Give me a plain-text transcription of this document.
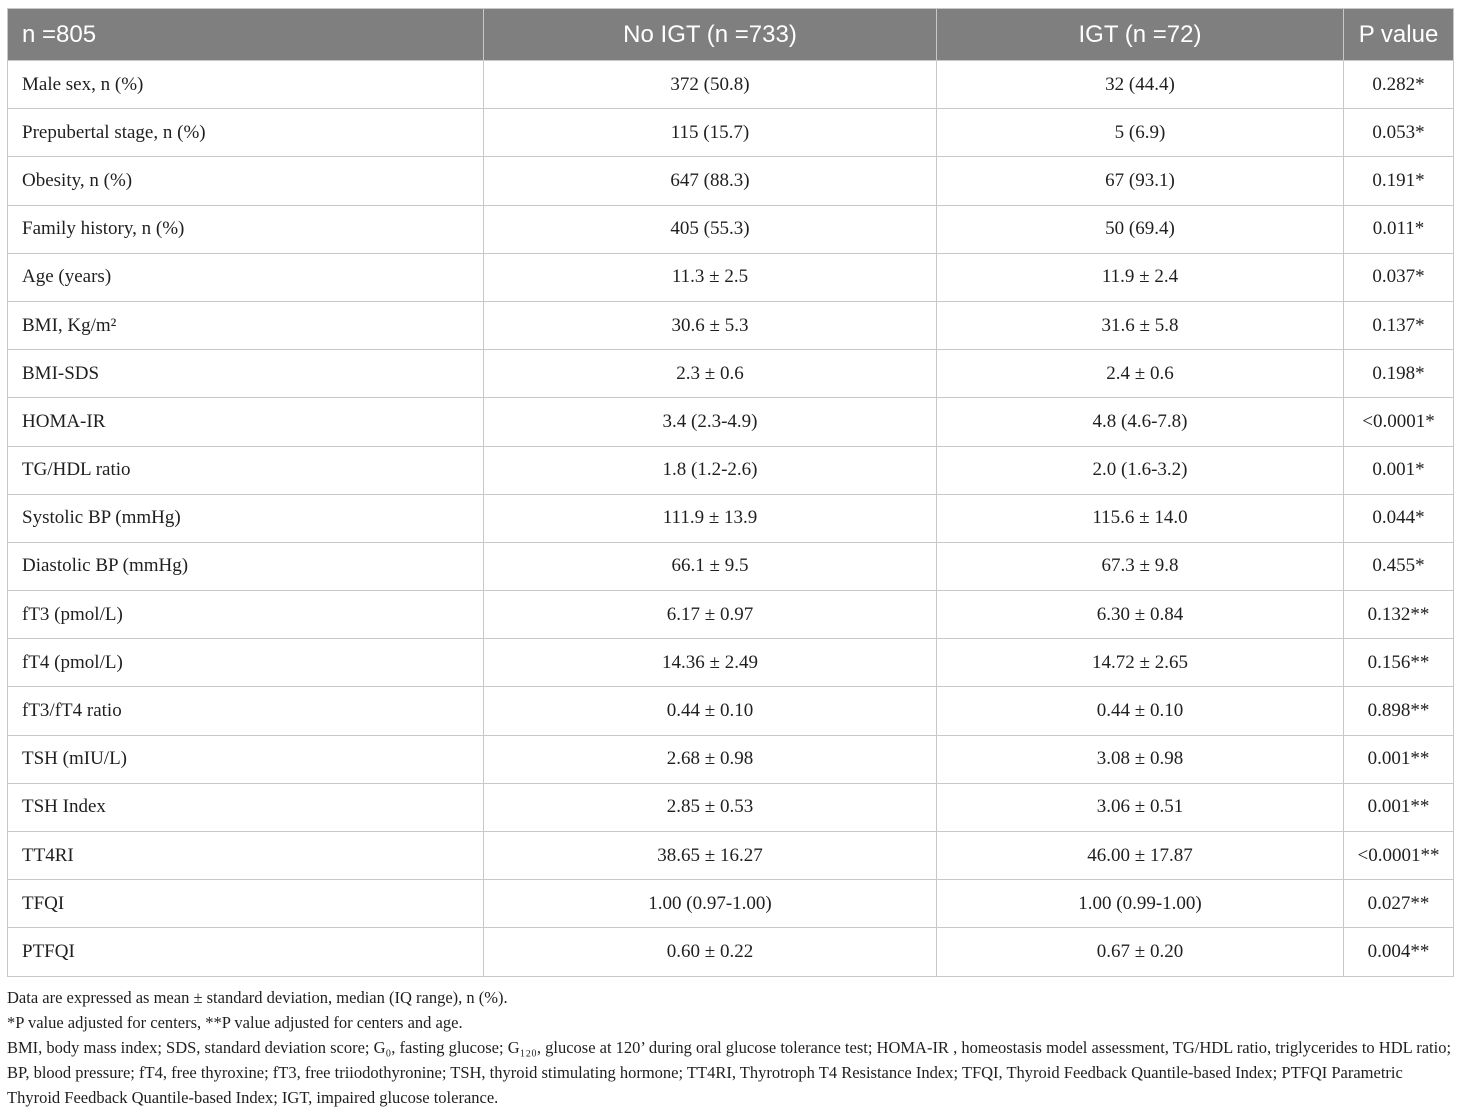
n =805	No IGT (n =733)	IGT (n =72)	P value
Male sex, n (%)	372 (50.8)	32 (44.4)	0.282*
Prepubertal stage, n (%)	115 (15.7)	5 (6.9)	0.053*
Obesity, n (%)	647 (88.3)	67 (93.1)	0.191*
Family history, n (%)	405 (55.3)	50 (69.4)	0.011*
Age (years)	11.3 ± 2.5	11.9 ± 2.4	0.037*
BMI, Kg/m²	30.6 ± 5.3	31.6 ± 5.8	0.137*
BMI-SDS	2.3 ± 0.6	2.4 ± 0.6	0.198*
HOMA-IR	3.4 (2.3-4.9)	4.8 (4.6-7.8)	<0.0001*
TG/HDL ratio	1.8 (1.2-2.6)	2.0 (1.6-3.2)	0.001*
Systolic BP (mmHg)	111.9 ± 13.9	115.6 ± 14.0	0.044*
Diastolic BP (mmHg)	66.1 ± 9.5	67.3 ± 9.8	0.455*
fT3 (pmol/L)	6.17 ± 0.97	6.30 ± 0.84	0.132**
fT4 (pmol/L)	14.36 ± 2.49	14.72 ± 2.65	0.156**
fT3/fT4 ratio	0.44 ± 0.10	0.44 ± 0.10	0.898**
TSH (mIU/L)	2.68 ± 0.98	3.08 ± 0.98	0.001**
TSH Index	2.85 ± 0.53	3.06 ± 0.51	0.001**
TT4RI	38.65 ± 16.27	46.00 ± 17.87	<0.0001**
TFQI	1.00 (0.97-1.00)	1.00 (0.99-1.00)	0.027**
PTFQI	0.60 ± 0.22	0.67 ± 0.20	0.004**

Data are expressed as mean ± standard deviation, median (IQ range), n (%).

*P value adjusted for centers, **P value adjusted for centers and age.

BMI, body mass index; SDS, standard deviation score; G₀, fasting glucose; G₁₂₀, glucose at 120’ during oral glucose tolerance test; HOMA-IR , homeostasis model assessment, TG/HDL ratio, triglycerides to HDL ratio; BP, blood pressure; fT4, free thyroxine; fT3, free triiodothyronine; TSH, thyroid stimulating hormone; TT4RI, Thyrotroph T4 Resistance Index; TFQI, Thyroid Feedback Quantile-based Index; PTFQI Parametric Thyroid Feedback Quantile-based Index; IGT, impaired glucose tolerance.
